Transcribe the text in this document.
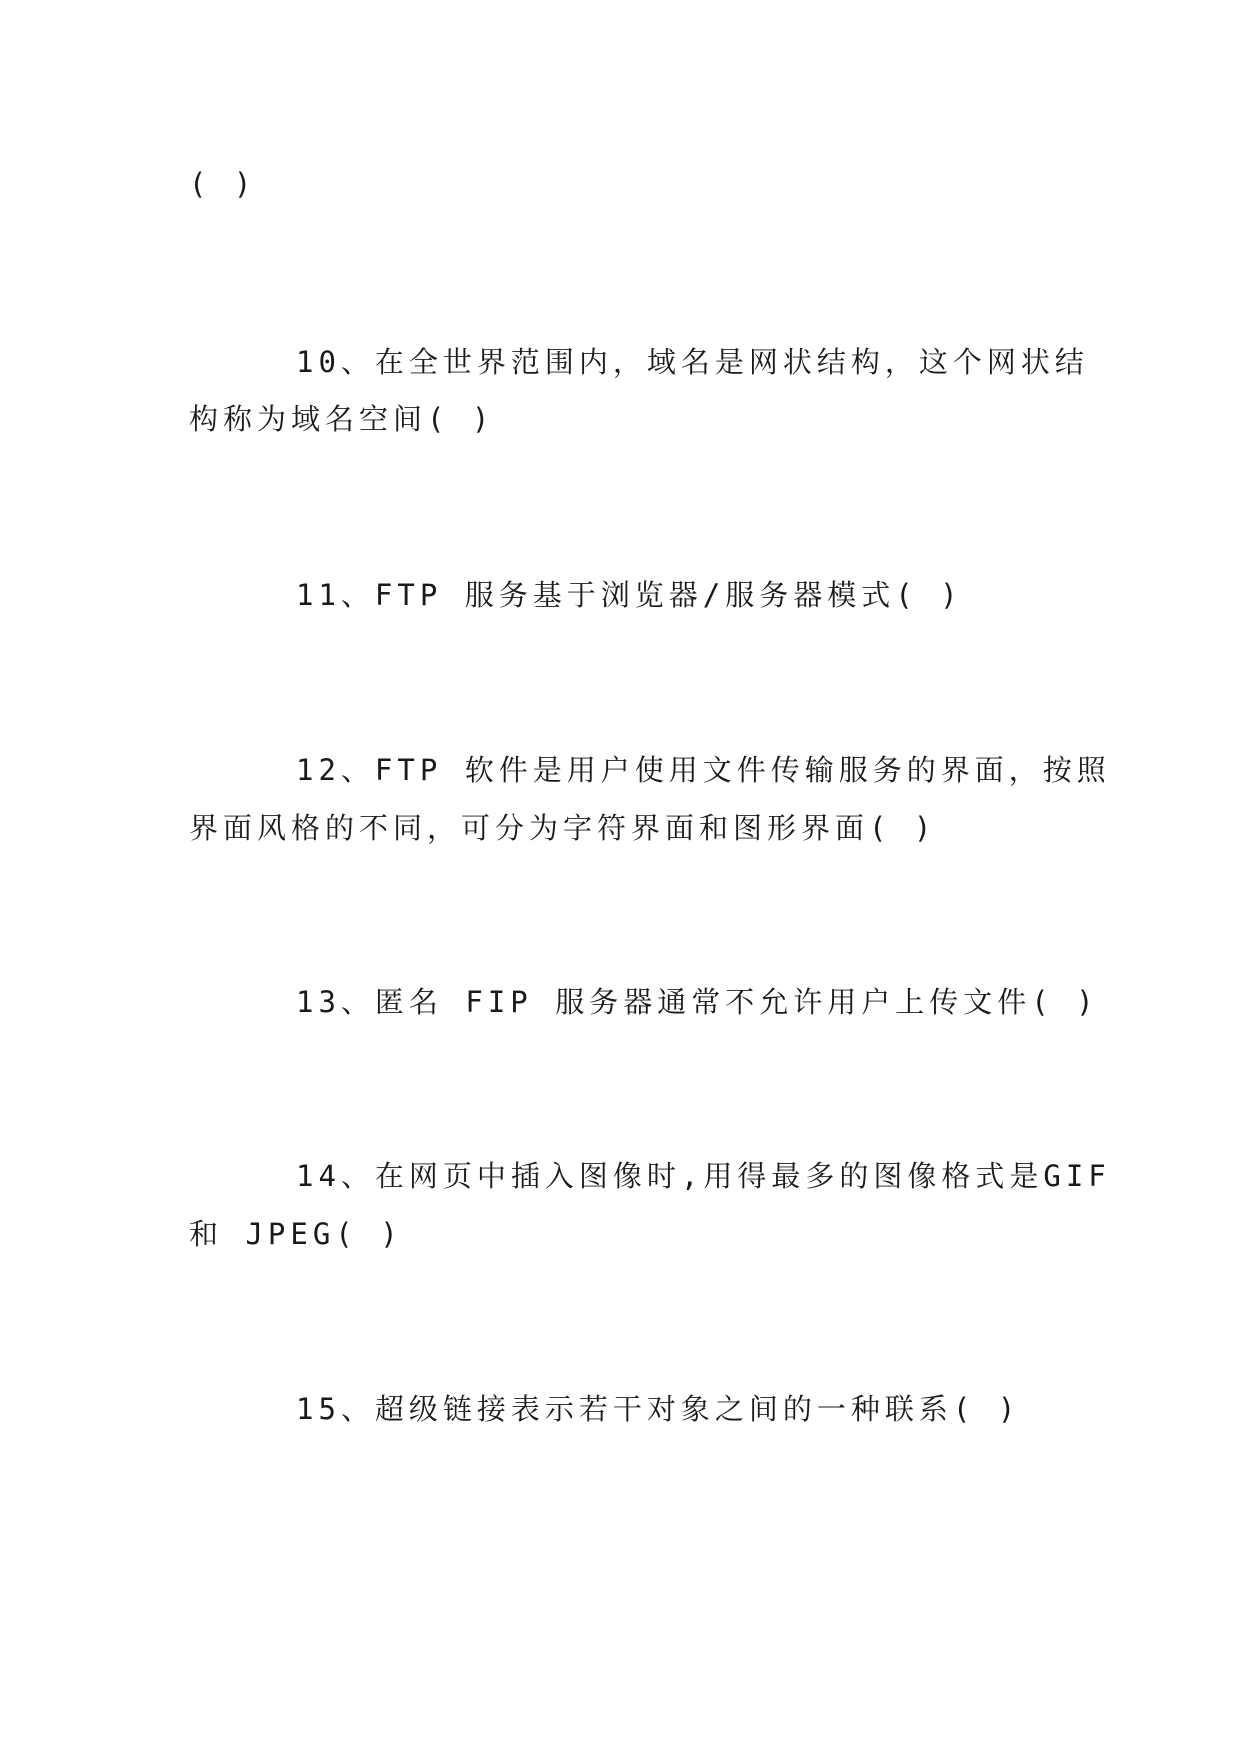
( )
10、在全世界范围内，域名是网状结构，这个网状结
构称为域名空间( )
11、FTP 服务基于浏览器/服务器模式( )
12、FTP 软件是用户使用文件传输服务的界面，按照
界面风格的不同，可分为字符界面和图形界面( )
13、匿名 FIP 服务器通常不允许用户上传文件( )
14、在网页中插入图像时,用得最多的图像格式是GIF
和 JPEG( )
15、超级链接表示若干对象之间的一种联系( )
